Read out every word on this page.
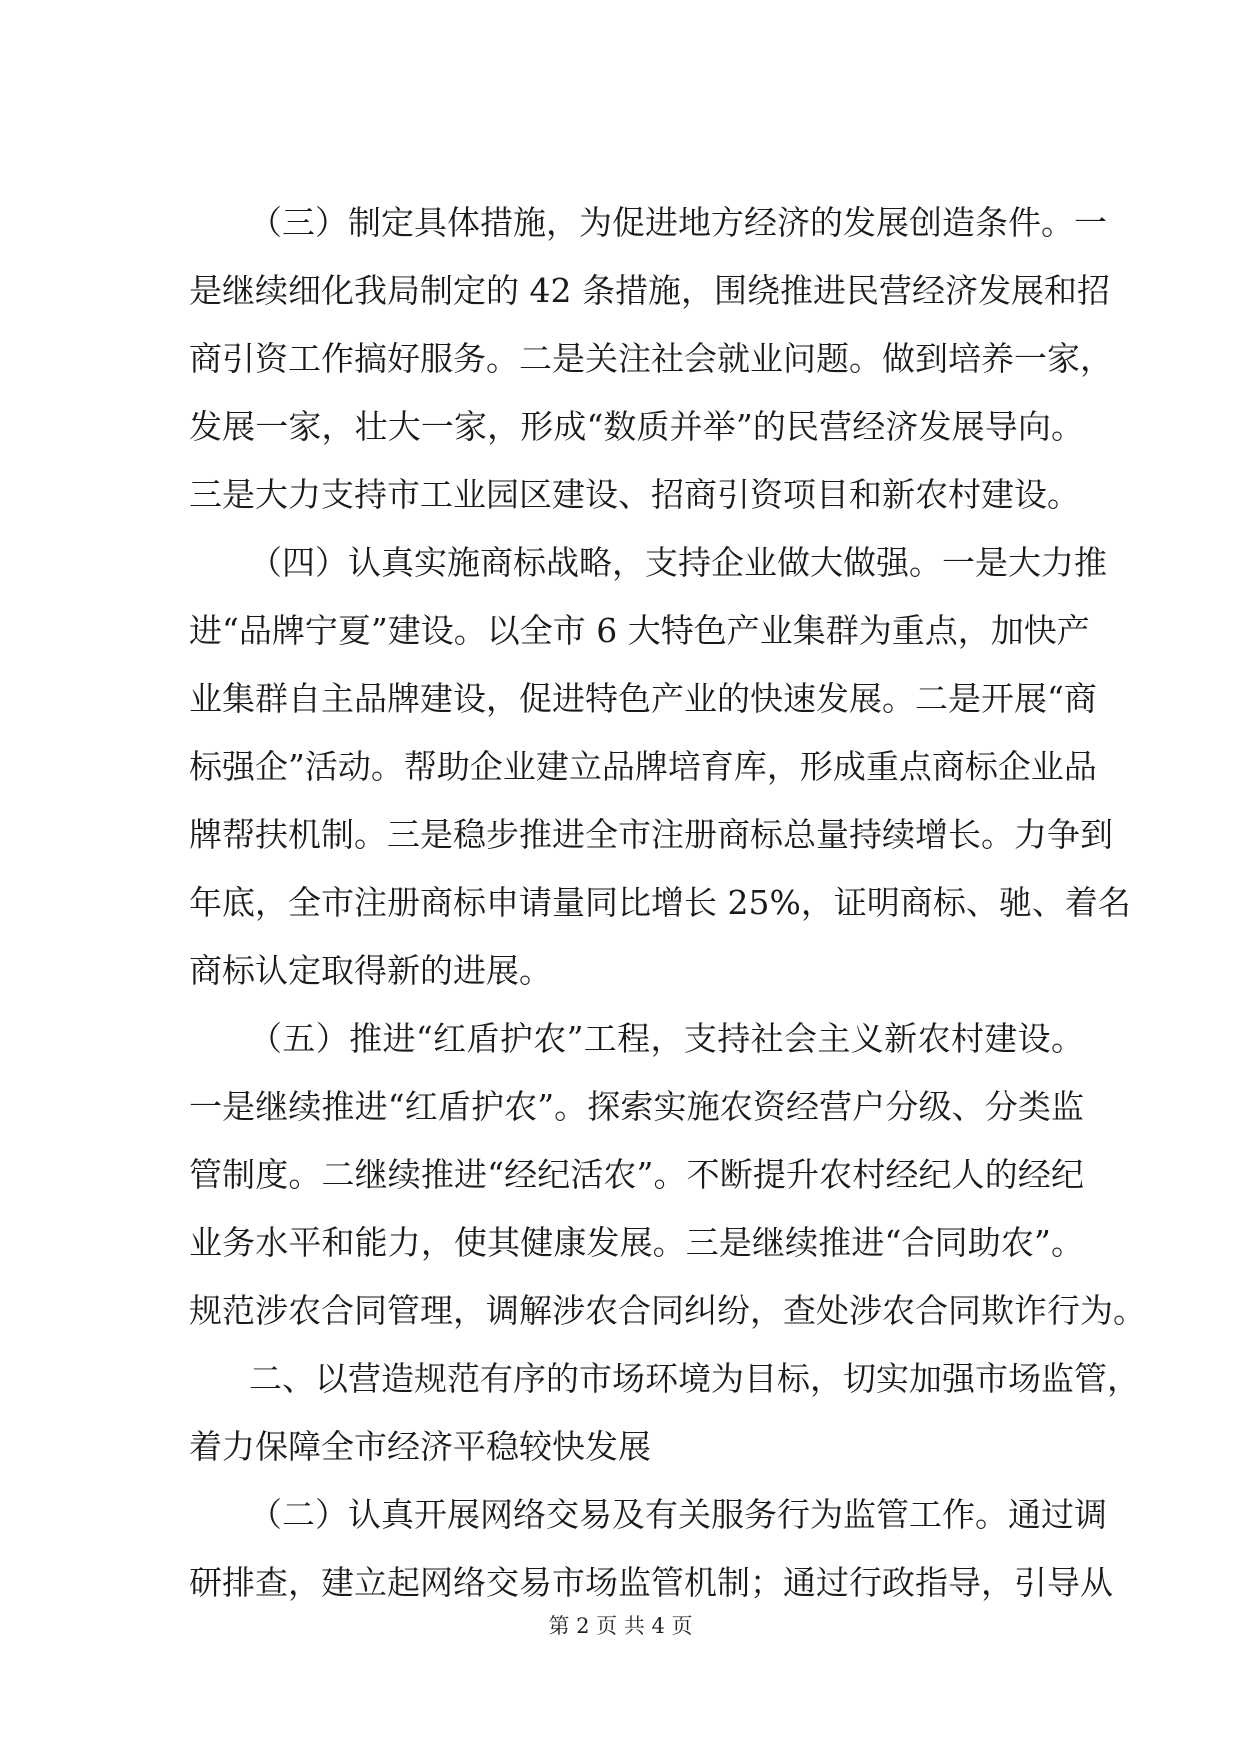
（三）制定具体措施，为促进地方经济的发展创造条件。一
是继续细化我局制定的 42 条措施，围绕推进民营经济发展和招
商引资工作搞好服务。二是关注社会就业问题。做到培养一家，
发展一家，壮大一家，形成“数质并举”的民营经济发展导向。
三是大力支持市工业园区建设、招商引资项目和新农村建设。
（四）认真实施商标战略，支持企业做大做强。一是大力推
进“品牌宁夏”建设。以全市 6 大特色产业集群为重点，加快产
业集群自主品牌建设，促进特色产业的快速发展。二是开展“商
标强企”活动。帮助企业建立品牌培育库，形成重点商标企业品
牌帮扶机制。三是稳步推进全市注册商标总量持续增长。力争到
年底，全市注册商标申请量同比增长 25%，证明商标、驰、着名
商标认定取得新的进展。
（五）推进“红盾护农”工程，支持社会主义新农村建设。
一是继续推进“红盾护农”。探索实施农资经营户分级、分类监
管制度。二继续推进“经纪活农”。不断提升农村经纪人的经纪
业务水平和能力，使其健康发展。三是继续推进“合同助农”。
规范涉农合同管理，调解涉农合同纠纷，查处涉农合同欺诈行为。
二、以营造规范有序的市场环境为目标，切实加强市场监管，
着力保障全市经济平稳较快发展
（二）认真开展网络交易及有关服务行为监管工作。通过调
研排查，建立起网络交易市场监管机制；通过行政指导，引导从
第 2 页 共 4 页
